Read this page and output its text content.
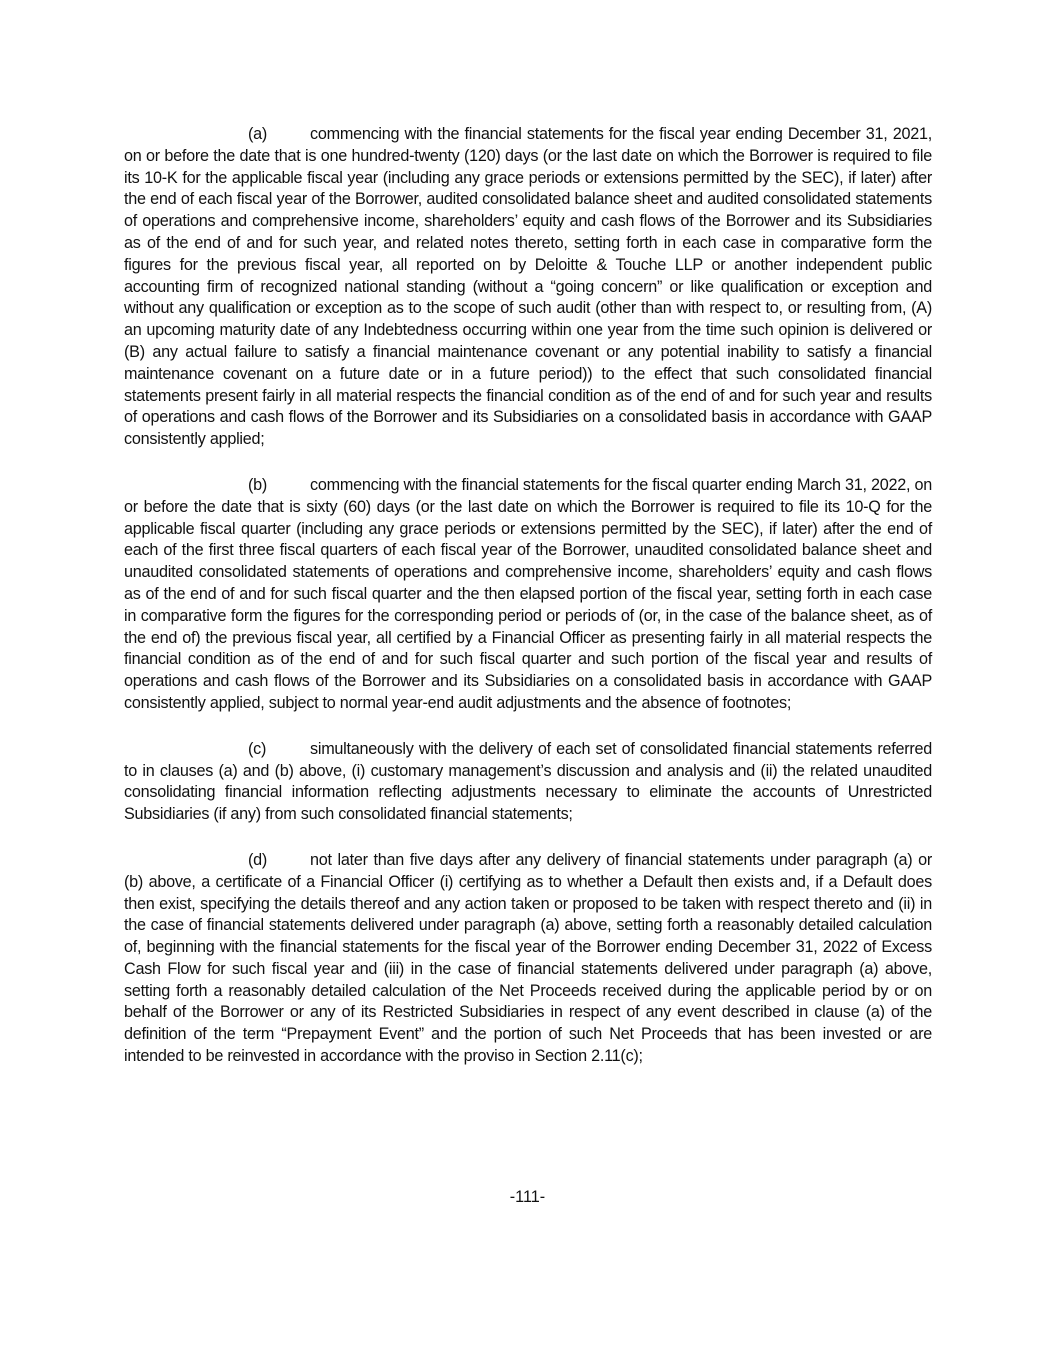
(a)	commencing with the financial statements for the fiscal year ending December 31, 2021, on or before the date that is one hundred-twenty (120) days (or the last date on which the Borrower is required to file its 10-K for the applicable fiscal year (including any grace periods or extensions permitted by the SEC), if later) after the end of each fiscal year of the Borrower, audited consolidated balance sheet and audited consolidated statements of operations and comprehensive income, shareholders’ equity and cash flows of the Borrower and its Subsidiaries as of the end of and for such year, and related notes thereto, setting forth in each case in comparative form the figures for the previous fiscal year, all reported on by Deloitte & Touche LLP or another independent public accounting firm of recognized national standing (without a “going concern” or like qualification or exception and without any qualification or exception as to the scope of such audit (other than with respect to, or resulting from, (A) an upcoming maturity date of any Indebtedness occurring within one year from the time such opinion is delivered or (B) any actual failure to satisfy a financial maintenance covenant or any potential inability to satisfy a financial maintenance covenant on a future date or in a future period)) to the effect that such consolidated financial statements present fairly in all material respects the financial condition as of the end of and for such year and results of operations and cash flows of the Borrower and its Subsidiaries on a consolidated basis in accordance with GAAP consistently applied;

(b)	commencing with the financial statements for the fiscal quarter ending March 31, 2022, on or before the date that is sixty (60) days (or the last date on which the Borrower is required to file its 10-Q for the applicable fiscal quarter (including any grace periods or extensions permitted by the SEC), if later) after the end of each of the first three fiscal quarters of each fiscal year of the Borrower, unaudited consolidated balance sheet and unaudited consolidated statements of operations and comprehensive income, shareholders’ equity and cash flows as of the end of and for such fiscal quarter and the then elapsed portion of the fiscal year, setting forth in each case in comparative form the figures for the corresponding period or periods of (or, in the case of the balance sheet, as of the end of) the previous fiscal year, all certified by a Financial Officer as presenting fairly in all material respects the financial condition as of the end of and for such fiscal quarter and such portion of the fiscal year and results of operations and cash flows of the Borrower and its Subsidiaries on a consolidated basis in accordance with GAAP consistently applied, subject to normal year-end audit adjustments and the absence of footnotes;

(c)	simultaneously with the delivery of each set of consolidated financial statements referred to in clauses (a) and (b) above, (i) customary management’s discussion and analysis and (ii) the related unaudited consolidating financial information reflecting adjustments necessary to eliminate the accounts of Unrestricted Subsidiaries (if any) from such consolidated financial statements;

(d)	not later than five days after any delivery of financial statements under paragraph (a) or (b) above, a certificate of a Financial Officer (i) certifying as to whether a Default then exists and, if a Default does then exist, specifying the details thereof and any action taken or proposed to be taken with respect thereto and (ii) in the case of financial statements delivered under paragraph (a) above, setting forth a reasonably detailed calculation of, beginning with the financial statements for the fiscal year of the Borrower ending December 31, 2022 of Excess Cash Flow for such fiscal year and (iii) in the case of financial statements delivered under paragraph (a) above, setting forth a reasonably detailed calculation of the Net Proceeds received during the applicable period by or on behalf of the Borrower or any of its Restricted Subsidiaries in respect of any event described in clause (a) of the definition of the term “Prepayment Event” and the portion of such Net Proceeds that has been invested or are intended to be reinvested in accordance with the proviso in Section 2.11(c);

-111-
